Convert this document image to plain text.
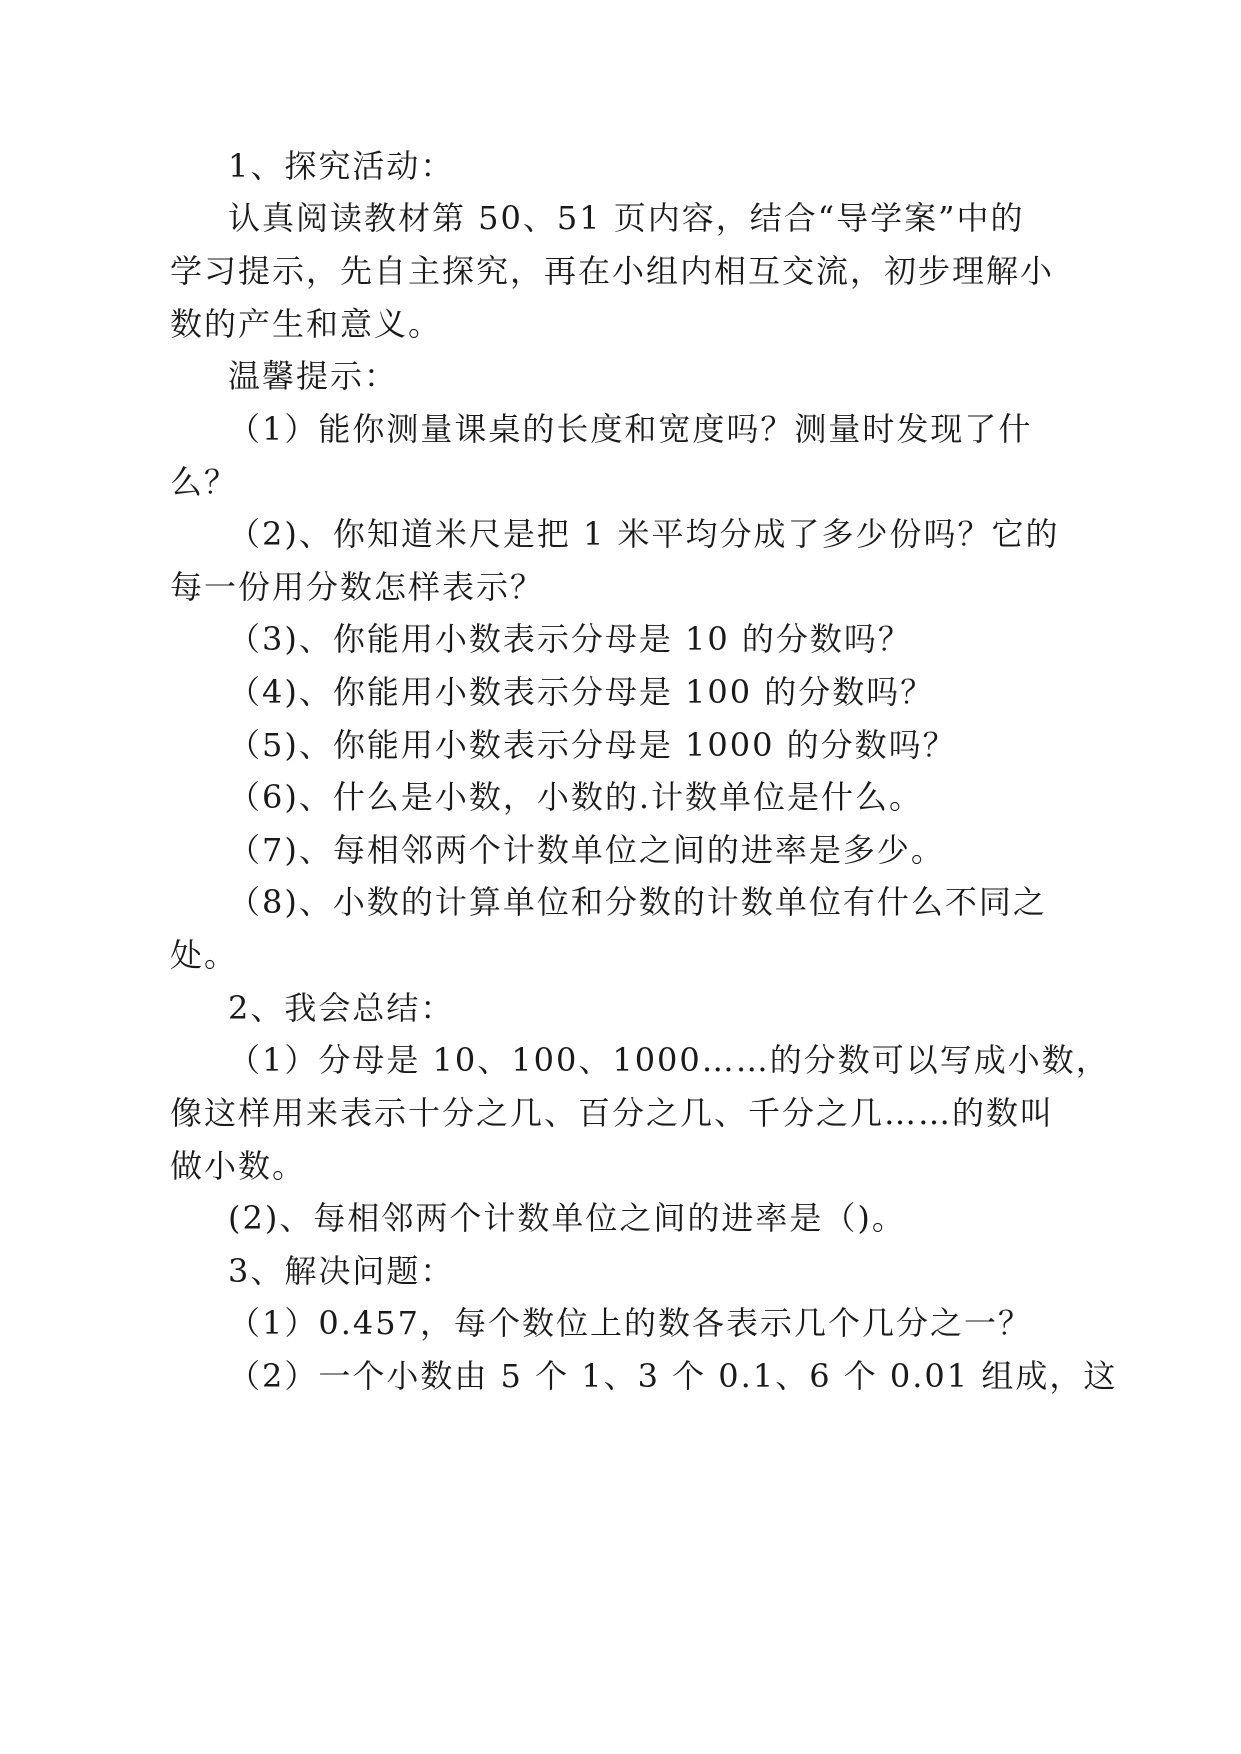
1、探究活动：

认真阅读教材第 50、51 页内容，结合“导学案”中的

学习提示，先自主探究，再在小组内相互交流，初步理解小

数的产生和意义。

温馨提示：

（1）能你测量课桌的长度和宽度吗？测量时发现了什

么？

（2)、你知道米尺是把 1 米平均分成了多少份吗？它的

每一份用分数怎样表示？

（3)、你能用小数表示分母是 10 的分数吗？

（4)、你能用小数表示分母是 100 的分数吗？

（5)、你能用小数表示分母是 1000 的分数吗？

（6)、什么是小数，小数的.计数单位是什么。

（7)、每相邻两个计数单位之间的进率是多少。

（8)、小数的计算单位和分数的计数单位有什么不同之

处。

2、我会总结：

（1）分母是 10、100、1000……的分数可以写成小数，

像这样用来表示十分之几、百分之几、千分之几……的数叫

做小数。

(2)、每相邻两个计数单位之间的进率是（)。

3、解决问题：

（1）0.457，每个数位上的数各表示几个几分之一？

（2）一个小数由 5 个 1、3 个 0.1、6 个 0.01 组成，这
